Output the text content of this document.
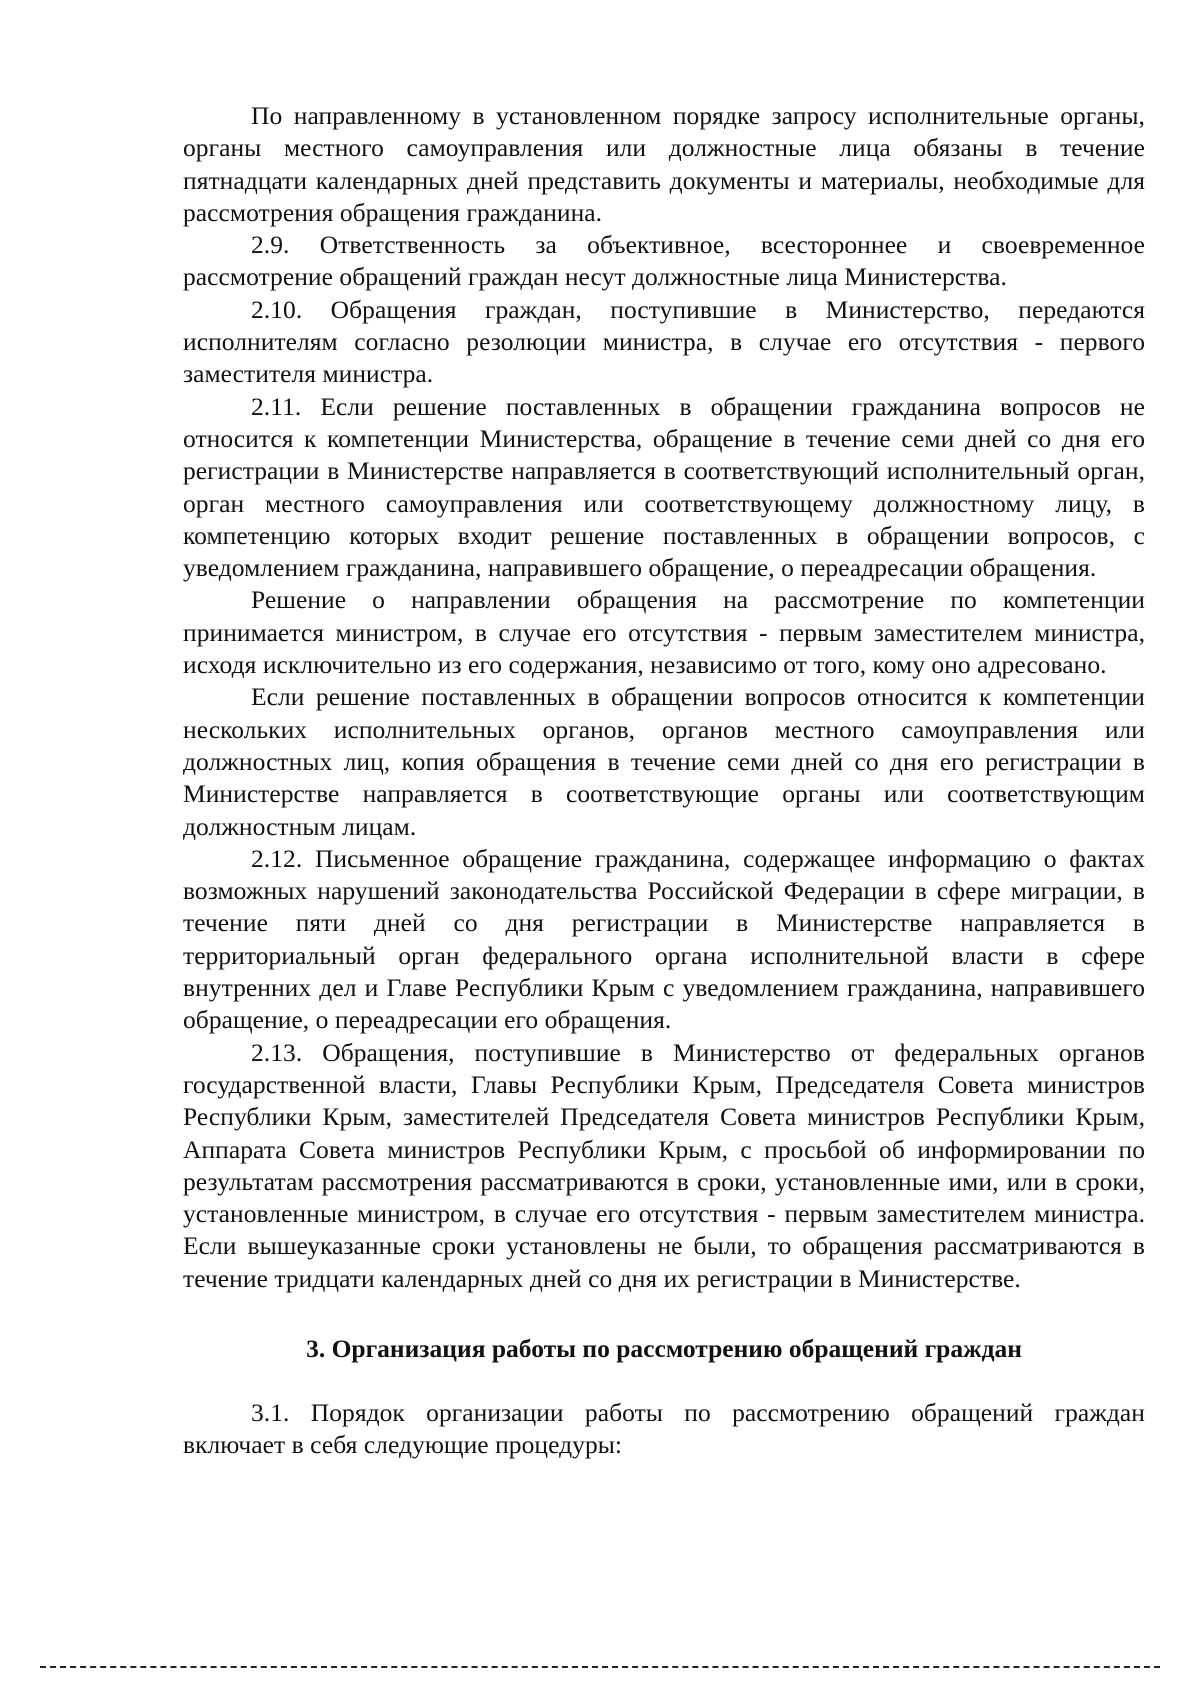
По направленному в установленном порядке запросу исполнительные органы, органы местного самоуправления или должностные лица обязаны в течение пятнадцати календарных дней представить документы и материалы, необходимые для рассмотрения обращения гражданина.

2.9. Ответственность за объективное, всестороннее и своевременное рассмотрение обращений граждан несут должностные лица Министерства.

2.10. Обращения граждан, поступившие в Министерство, передаются исполнителям согласно резолюции министра, в случае его отсутствия - первого заместителя министра.

2.11. Если решение поставленных в обращении гражданина вопросов не относится к компетенции Министерства, обращение в течение семи дней со дня его регистрации в Министерстве направляется в соответствующий исполнительный орган, орган местного самоуправления или соответствующему должностному лицу, в компетенцию которых входит решение поставленных в обращении вопросов, с уведомлением гражданина, направившего обращение, о переадресации обращения.

Решение о направлении обращения на рассмотрение по компетенции принимается министром, в случае его отсутствия - первым заместителем министра, исходя исключительно из его содержания, независимо от того, кому оно адресовано.

Если решение поставленных в обращении вопросов относится к компетенции нескольких исполнительных органов, органов местного самоуправления или должностных лиц, копия обращения в течение семи дней со дня его регистрации в Министерстве направляется в соответствующие органы или соответствующим должностным лицам.

2.12. Письменное обращение гражданина, содержащее информацию о фактах возможных нарушений законодательства Российской Федерации в сфере миграции, в течение пяти дней со дня регистрации в Министерстве направляется в территориальный орган федерального органа исполнительной власти в сфере внутренних дел и Главе Республики Крым с уведомлением гражданина, направившего обращение, о переадресации его обращения.

2.13. Обращения, поступившие в Министерство от федеральных органов государственной власти, Главы Республики Крым, Председателя Совета министров Республики Крым, заместителей Председателя Совета министров Республики Крым, Аппарата Совета министров Республики Крым, с просьбой об информировании по результатам рассмотрения рассматриваются в сроки, установленные ими, или в сроки, установленные министром, в случае его отсутствия - первым заместителем министра. Если вышеуказанные сроки установлены не были, то обращения рассматриваются в течение тридцати календарных дней со дня их регистрации в Министерстве.

3. Организация работы по рассмотрению обращений граждан

3.1. Порядок организации работы по рассмотрению обращений граждан включает в себя следующие процедуры:
